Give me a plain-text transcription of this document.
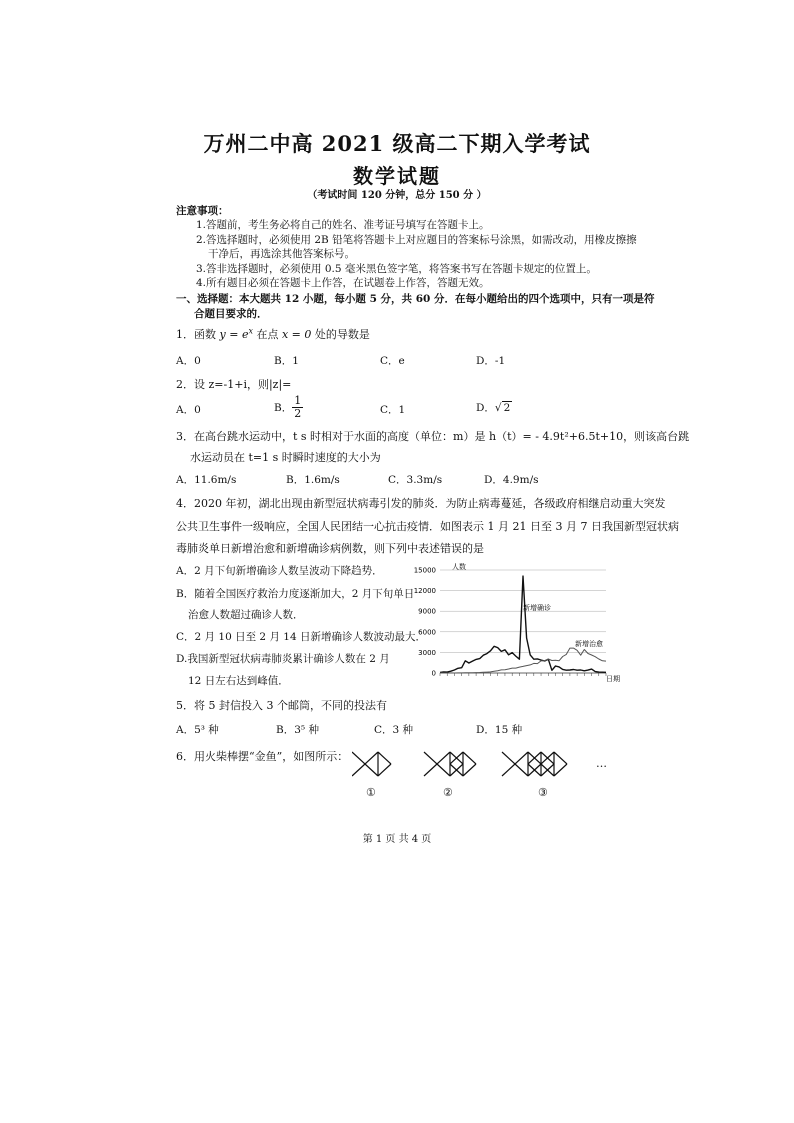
万州二中高 2021 级高二下期入学考试
数学试题
（考试时间 120 分钟，总分 150 分 ）
注意事项：
1.答题前，考生务必将自己的姓名、准考证号填写在答题卡上。
2.答选择题时，必须使用 2B 铅笔将答题卡上对应题目的答案标号涂黑，如需改动，用橡皮擦擦
干净后，再选涂其他答案标号。
3.答非选择题时，必须使用 0.5 毫米黑色签字笔，将答案书写在答题卡规定的位置上。
4.所有题目必须在答题卡上作答，在试题卷上作答，答题无效。
一、选择题：本大题共 12 小题，每小题 5 分，共 60 分．在每小题给出的四个选项中，只有一项是符
合题目要求的．
1．函数 $y = e^x$ 在点 x = 0 处的导数是
A．0	B．1	C．e	D．-1
2．设 z=-1+i，则|z|=
A．0	B． $\frac{1}{2}$	C．1	D．√ 2
3．在高台跳水运动中，t s 时相对于水面的高度（单位：m）是 h（t）= - 4.9t²+6.5t+10，则该高台跳
水运动员在 t=1 s 时瞬时速度的大小为
A．11.6m/s	B．1.6m/s	C．3.3m/s	D．4.9m/s
4．2020 年初，湖北出现由新型冠状病毒引发的肺炎．为防止病毒蔓延，各级政府相继启动重大突发
公共卫生事件一级响应，全国人民团结一心抗击疫情．如图表示 1 月 21 日至 3 月 7 日我国新型冠状病
毒肺炎单日新增治愈和新增确诊病例数，则下列中表述错误的是
A．2 月下旬新增确诊人数呈波动下降趋势．
B．随着全国医疗救治力度逐渐加大，2 月下旬单日
治愈人数超过确诊人数．
C．2 月 10 日至 2 月 14 日新增确诊人数波动最大．
D.我国新型冠状病毒肺炎累计确诊人数在 2 月
12 日左右达到峰值．
0
3000
6000
9000
12000
15000 人数
日期
新增确诊
新增治愈
5．将 5 封信投入 3 个邮筒，不同的投法有
A．5³ 种	B．3⁵ 种	C．3 种	D．15 种
6．用火柴棒摆“金鱼”，如图所示：
①	②	③
…
第 1 页 共 4 页
